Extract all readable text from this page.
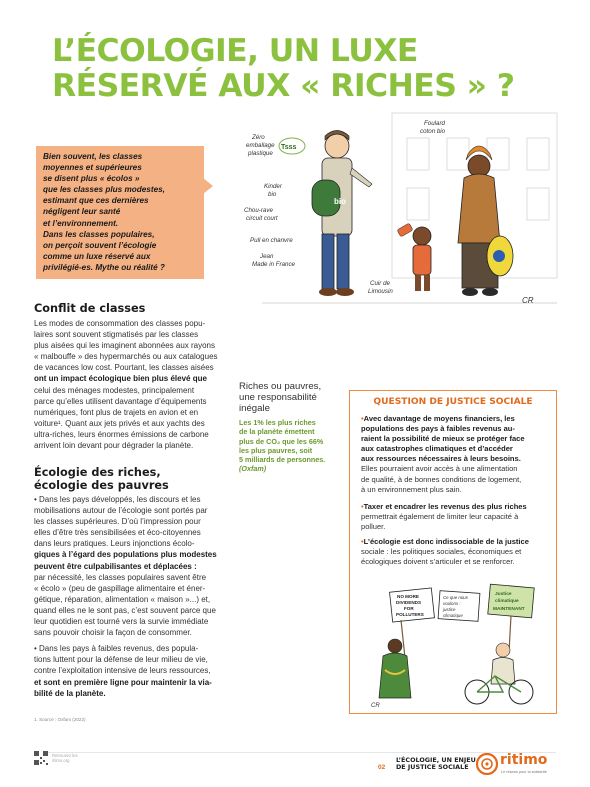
L’ÉCOLOGIE, UN LUXE
RÉSERVÉ AUX « RICHES » ?
Bien souvent, les classes
moyennes et supérieures
se disent plus « écolos »
que les classes plus modestes,
estimant que ces dernières
négligent leur santé
et l’environnement.
Dans les classes populaires,
on perçoit souvent l’écologie
comme un luxe réservé aux
privilégié-es. Mythe ou réalité ?
bio
Zéro
emballage
plastique
Kinder
bio
Chou-rave
circuit court
Pull en chanvre
Jean
Made in France
Cuir de
Limousin
Foulard
coton bio
Tsss
CR
Conflit de classes
Les modes de consommation des classes popu-
laires sont souvent stigmatisés par les classes
plus aisées qui les imaginent abonnées aux rayons
« malbouffe » des hypermarchés ou aux catalogues
de vacances low cost. Pourtant, les classes aisées
ont un impact écologique bien plus élevé que
celui des ménages modestes, principalement
parce qu’elles utilisent davantage d’équipements
numériques, font plus de trajets en avion et en
voiture¹. Quant aux jets privés et aux yachts des
ultra-riches, leurs énormes émissions de carbone
arrivent loin devant pour dégrader la planète.
Écologie des riches,
écologie des pauvres
• Dans les pays développés, les discours et les
mobilisations autour de l’écologie sont portés par
les classes supérieures. D’où l’impression pour
elles d’être très sensibilisées et éco-citoyennes
dans leurs pratiques. Leurs injonctions écolo-
giques à l’égard des populations plus modestes
peuvent être culpabilisantes et déplacées :
par nécessité, les classes populaires savent être
« écolo » (peu de gaspillage alimentaire et éner-
gétique, réparation, alimentation « maison »...) et,
quand elles ne le sont pas, c’est souvent parce que
leur quotidien est tourné vers la survie immédiate
sans pouvoir choisir la façon de consommer.
• Dans les pays à faibles revenus, des popula-
tions luttent pour la défense de leur milieu de vie,
contre l’exploitation intensive de leurs ressources,
et sont en première ligne pour maintenir la via-
bilité de la planète.
Riches ou pauvres,
une responsabilité
inégale
Les 1% les plus riches
de la planète émettent
plus de CO₂ que les 66%
les plus pauvres, soit
5 milliards de personnes.
(Oxfam)
QUESTION DE JUSTICE SOCIALE
•Avec davantage de moyens financiers, les
populations des pays à faibles revenus au-
raient la possibilité de mieux se protéger face
aux catastrophes climatiques et d’accéder
aux ressources nécessaires à leurs besoins.
Elles pourraient avoir accès à une alimentation
de qualité, à de bonnes conditions de logement,
à un environnement plus sain.
•Taxer et encadrer les revenus des plus riches
permettrait également de limiter leur capacité à
polluer.
•L’écologie est donc indissociable de la justice
sociale : les politiques sociales, économiques et
écologiques doivent s’articuler et se renforcer.
NO MORE
DIVIDENDS
FOR
POLLUTERS
Ce que nous
voulons :
justice
climatique
Justice
climatique
MAINTENANT
CR
1. Source : Oxfam (2022)
Retrouvez les
ritimo.org
02
L’ÉCOLOGIE, UN ENJEU
DE JUSTICE SOCIALE	ritimo
Le réseau pour la solidarité
